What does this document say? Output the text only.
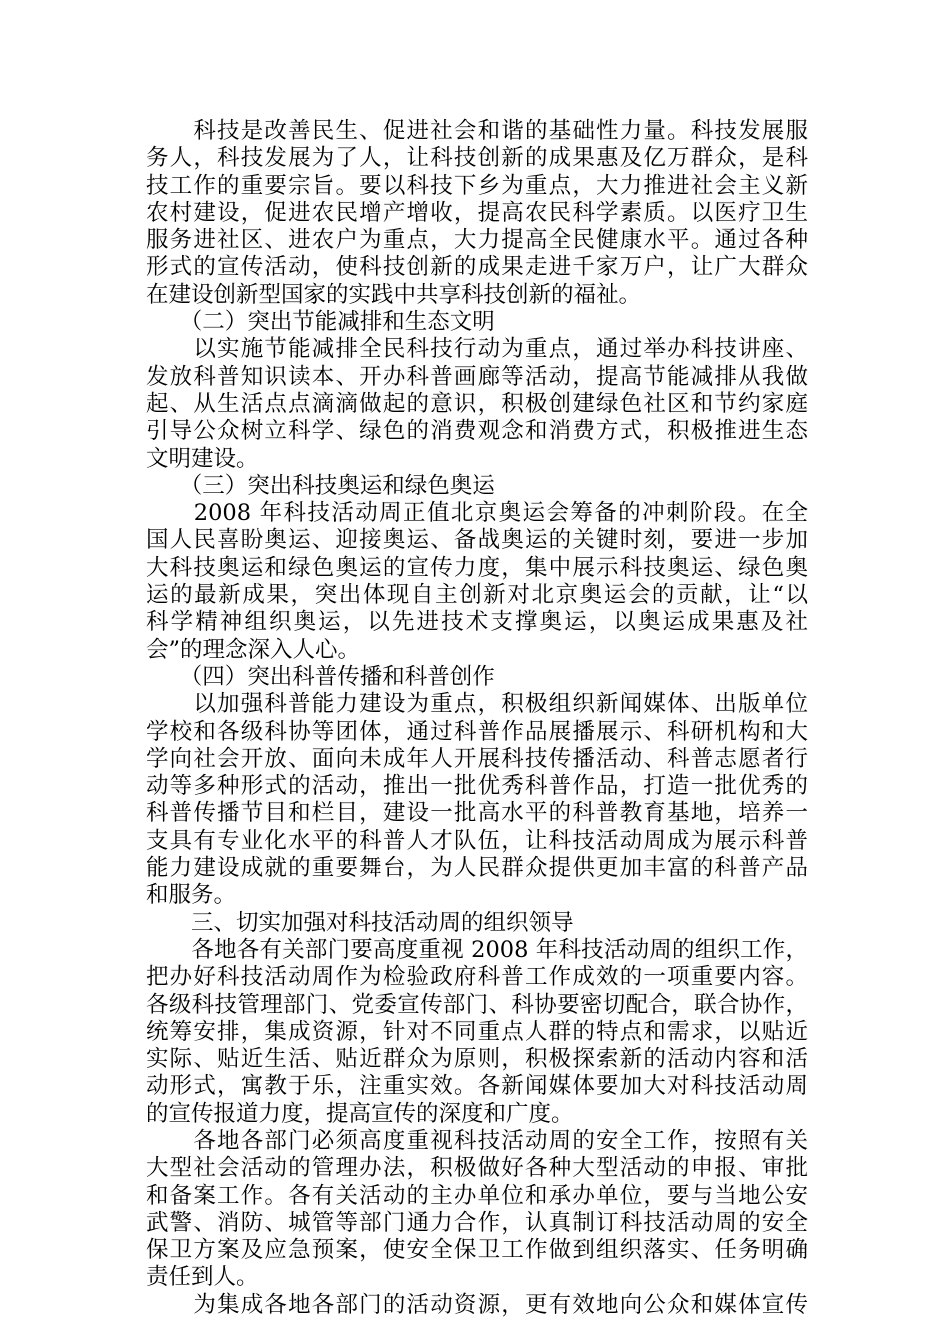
　　科技是改善民生、促进社会和谐的基础性力量。科技发展服
务人，科技发展为了人，让科技创新的成果惠及亿万群众，是科
技工作的重要宗旨。要以科技下乡为重点，大力推进社会主义新
农村建设，促进农民增产增收，提高农民科学素质。以医疗卫生
服务进社区、进农户为重点，大力提高全民健康水平。通过各种
形式的宣传活动，使科技创新的成果走进千家万户，让广大群众
在建设创新型国家的实践中共享科技创新的福祉。
　　（二）突出节能减排和生态文明
　　以实施节能减排全民科技行动为重点，通过举办科技讲座、
发放科普知识读本、开办科普画廊等活动，提高节能减排从我做
起、从生活点点滴滴做起的意识，积极创建绿色社区和节约家庭
引导公众树立科学、绿色的消费观念和消费方式，积极推进生态
文明建设。
　　（三）突出科技奥运和绿色奥运
　　2008 年科技活动周正值北京奥运会筹备的冲刺阶段。在全
国人民喜盼奥运、迎接奥运、备战奥运的关键时刻，要进一步加
大科技奥运和绿色奥运的宣传力度，集中展示科技奥运、绿色奥
运的最新成果，突出体现自主创新对北京奥运会的贡献，让“以
科学精神组织奥运，以先进技术支撑奥运，以奥运成果惠及社
会”的理念深入人心。
　　（四）突出科普传播和科普创作
　　以加强科普能力建设为重点，积极组织新闻媒体、出版单位
学校和各级科协等团体，通过科普作品展播展示、科研机构和大
学向社会开放、面向未成年人开展科技传播活动、科普志愿者行
动等多种形式的活动，推出一批优秀科普作品，打造一批优秀的
科普传播节目和栏目，建设一批高水平的科普教育基地，培养一
支具有专业化水平的科普人才队伍，让科技活动周成为展示科普
能力建设成就的重要舞台，为人民群众提供更加丰富的科普产品
和服务。
　　三、切实加强对科技活动周的组织领导
　　各地各有关部门要高度重视 2008 年科技活动周的组织工作，
把办好科技活动周作为检验政府科普工作成效的一项重要内容。
各级科技管理部门、党委宣传部门、科协要密切配合，联合协作，
统筹安排，集成资源，针对不同重点人群的特点和需求，以贴近
实际、贴近生活、贴近群众为原则，积极探索新的活动内容和活
动形式，寓教于乐，注重实效。各新闻媒体要加大对科技活动周
的宣传报道力度，提高宣传的深度和广度。
　　各地各部门必须高度重视科技活动周的安全工作，按照有关
大型社会活动的管理办法，积极做好各种大型活动的申报、审批
和备案工作。各有关活动的主办单位和承办单位，要与当地公安
武警、消防、城管等部门通力合作，认真制订科技活动周的安全
保卫方案及应急预案，使安全保卫工作做到组织落实、任务明确
责任到人。
　　为集成各地各部门的活动资源，更有效地向公众和媒体宣传
